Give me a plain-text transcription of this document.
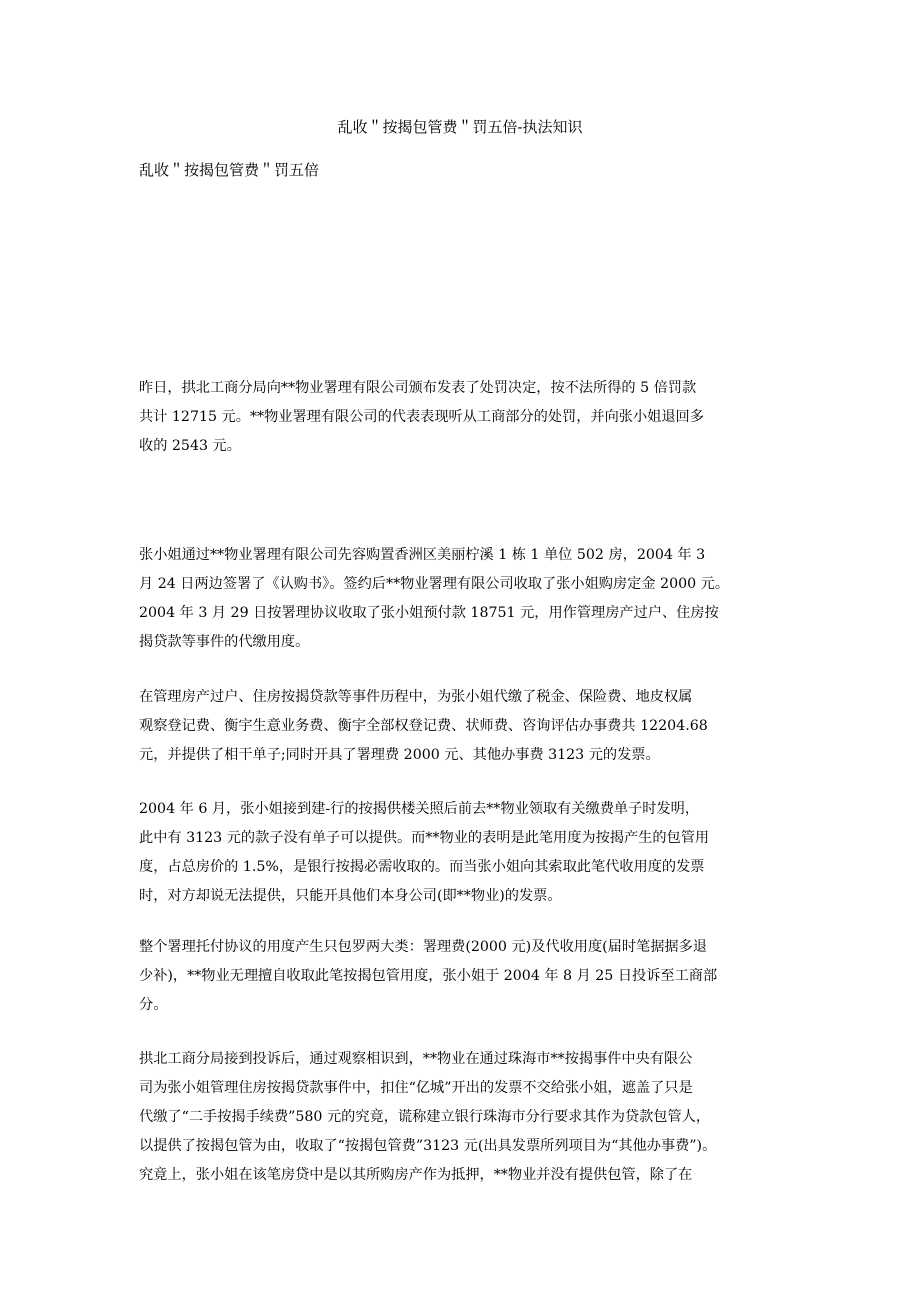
乱收＂按揭包管费＂罚五倍-执法知识
乱收＂按揭包管费＂罚五倍
昨日，拱北工商分局向**物业署理有限公司颁布发表了处罚决定，按不法所得的 5 倍罚款
共计 12715 元。**物业署理有限公司的代表表现听从工商部分的处罚，并向张小姐退回多
收的 2543 元。
张小姐通过**物业署理有限公司先容购置香洲区美丽柠溪 1 栋 1 单位 502 房，2004 年 3
月 24 日两边签署了《认购书》。签约后**物业署理有限公司收取了张小姐购房定金 2000 元。
2004 年 3 月 29 日按署理协议收取了张小姐预付款 18751 元，用作管理房产过户、住房按
揭贷款等事件的代缴用度。
在管理房产过户、住房按揭贷款等事件历程中，为张小姐代缴了税金、保险费、地皮权属
观察登记费、衡宇生意业务费、衡宇全部权登记费、状师费、咨询评估办事费共 12204.68
元，并提供了相干单子;同时开具了署理费 2000 元、其他办事费 3123 元的发票。
2004 年 6 月，张小姐接到建-行的按揭供楼关照后前去**物业领取有关缴费单子时发明，
此中有 3123 元的款子没有单子可以提供。而**物业的表明是此笔用度为按揭产生的包管用
度，占总房价的 1.5%，是银行按揭必需收取的。而当张小姐向其索取此笔代收用度的发票
时，对方却说无法提供，只能开具他们本身公司(即**物业)的发票。
整个署理托付协议的用度产生只包罗两大类：署理费(2000 元)及代收用度(届时笔据据多退
少补)，**物业无理擅自收取此笔按揭包管用度，张小姐于 2004 年 8 月 25 日投诉至工商部
分。
拱北工商分局接到投诉后，通过观察相识到，**物业在通过珠海市**按揭事件中央有限公
司为张小姐管理住房按揭贷款事件中，扣住“亿城”开出的发票不交给张小姐，遮盖了只是
代缴了“二手按揭手续费”580 元的究竟，谎称建立银行珠海市分行要求其作为贷款包管人，
以提供了按揭包管为由，收取了“按揭包管费”3123 元(出具发票所列项目为“其他办事费”)。
究竟上，张小姐在该笔房贷中是以其所购房产作为抵押，**物业并没有提供包管，除了在
